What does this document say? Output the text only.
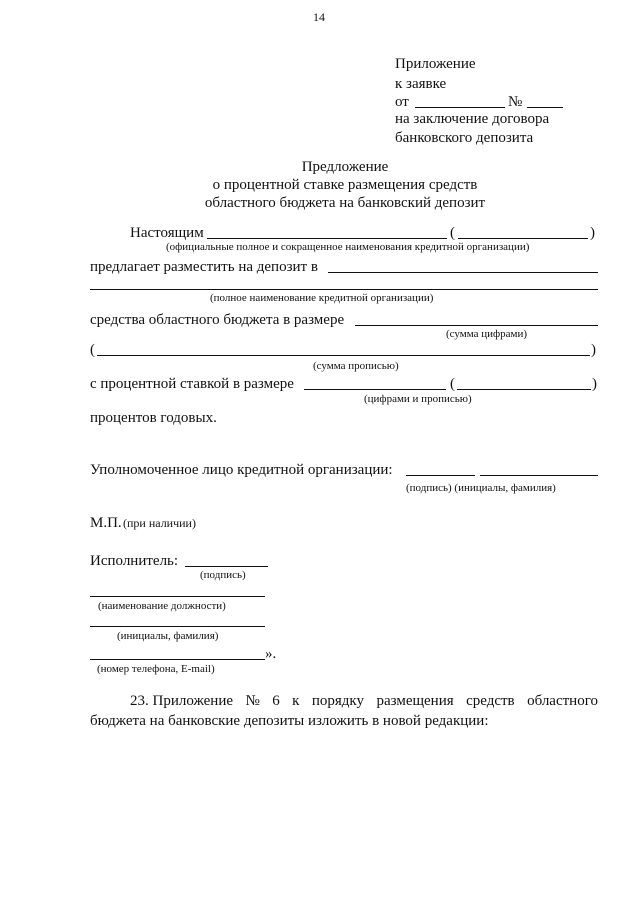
14
Приложение
к заявке
от	№
на заключение договора
банковского депозита
Предложение
о процентной ставке размещения средств
областного бюджета на банковский депозит
Настоящим	(	)
(официальные полное и сокращенное наименования кредитной организации)
предлагает разместить на депозит в
(полное наименование кредитной организации)
средства областного бюджета в размере
(сумма цифрами)
(	)
(сумма прописью)
с процентной ставкой в размере	(	)
(цифрами и прописью)
процентов годовых.
Уполномоченное лицо кредитной организации:
(подпись) (инициалы, фамилия)
М.П. (при наличии)
Исполнитель:
(подпись)
(наименование должности)
(инициалы, фамилия)
».
(номер телефона, E-mail)
23. Приложение № 6 к порядку размещения средств областного
бюджета на банковские депозиты изложить в новой редакции:
